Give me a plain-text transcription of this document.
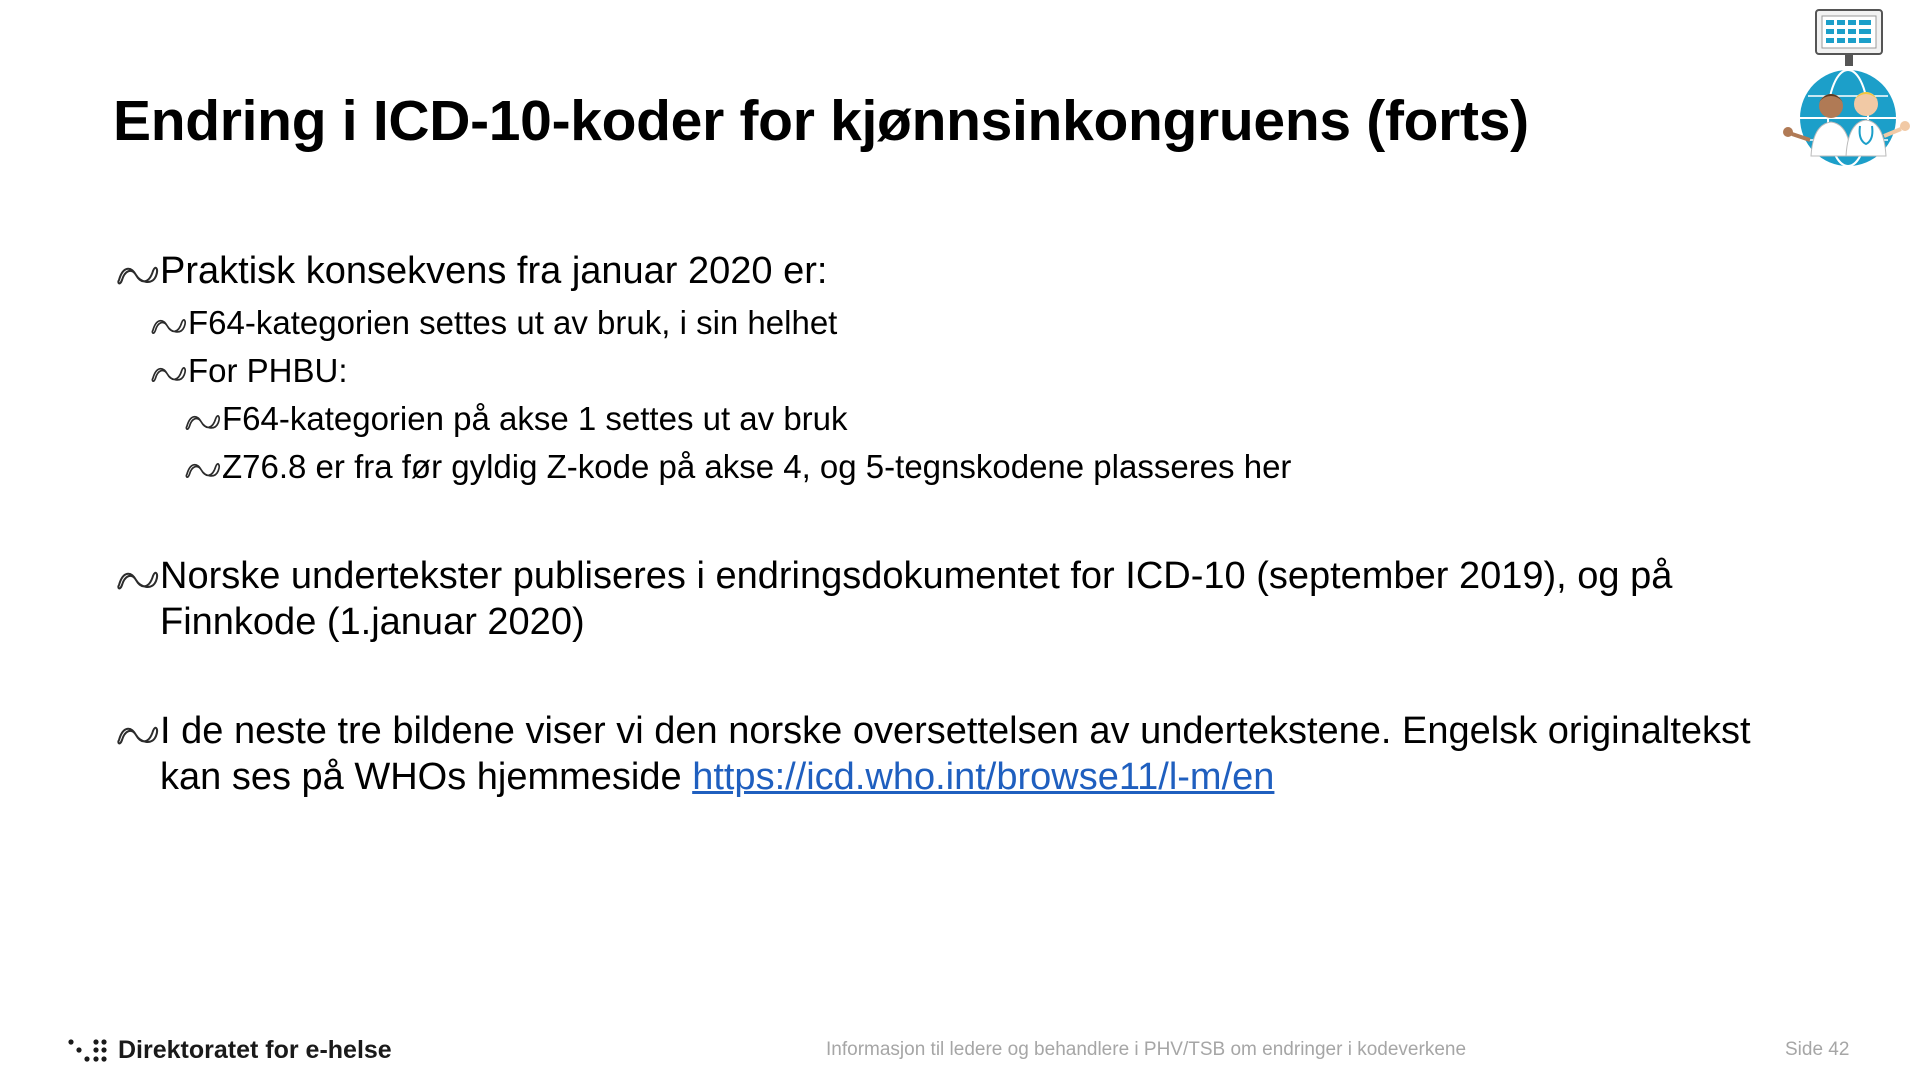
Endring i ICD-10-koder for kjønnsinkongruens (forts)
Praktisk konsekvens fra januar 2020 er:
F64-kategorien settes ut av bruk, i sin helhet
For PHBU:
F64-kategorien på akse 1 settes ut av bruk
Z76.8 er fra før gyldig Z-kode på akse 4, og 5-tegnskodene plasseres her
Norske undertekster publiseres i endringsdokumentet for ICD-10 (september 2019), og på Finnkode (1.januar 2020)
I de neste tre bildene viser vi den norske oversettelsen av undertekstene. Engelsk originaltekst kan ses på WHOs hjemmeside https://icd.who.int/browse11/l-m/en
Direktoratet for e-helse	Informasjon til ledere og behandlere i PHV/TSB om endringer i kodeverkene	Side 42
